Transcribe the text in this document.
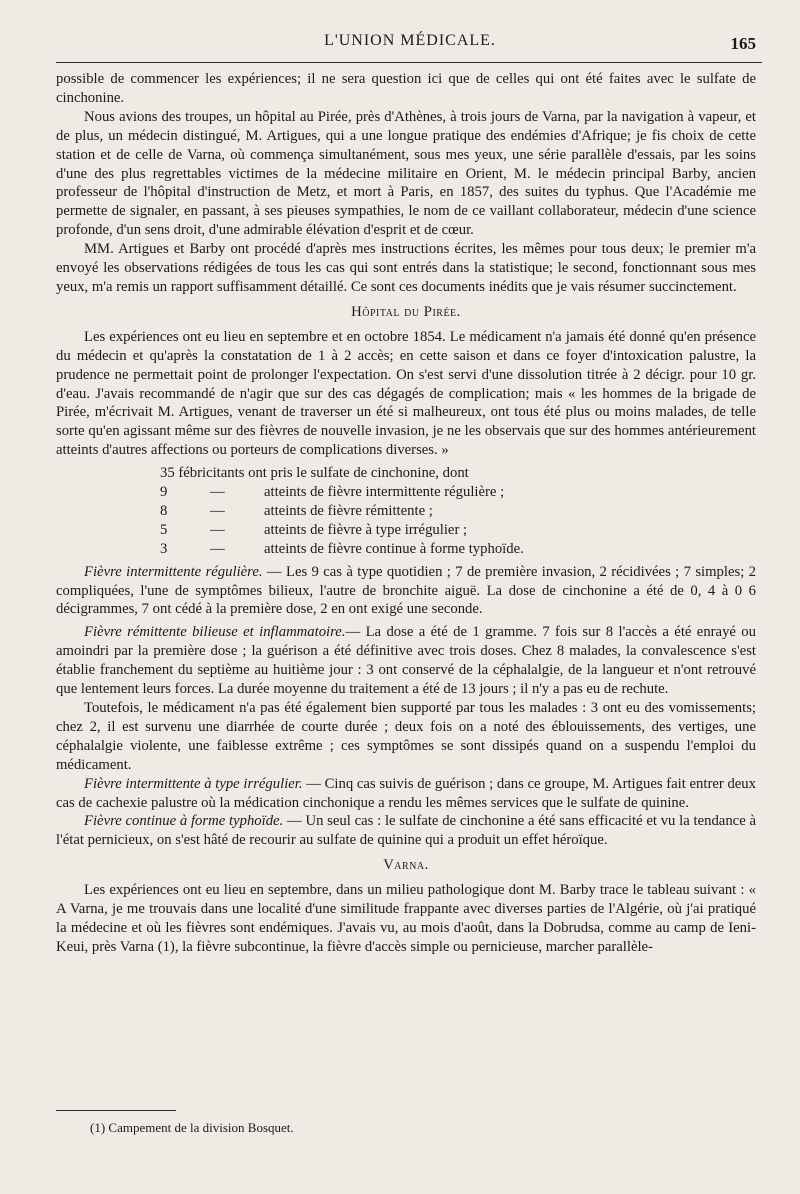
L'UNION MÉDICALE.	165

possible de commencer les expériences; il ne sera question ici que de celles qui ont été faites avec le sulfate de cinchonine.

Nous avions des troupes, un hôpital au Pirée, près d'Athènes, à trois jours de Varna, par la navigation à vapeur, et de plus, un médecin distingué, M. Artigues, qui a une longue pratique des endémies d'Afrique; je fis choix de cette station et de celle de Varna, où commença simultanément, sous mes yeux, une série parallèle d'essais, par les soins d'une des plus regrettables victimes de la médecine militaire en Orient, M. le médecin principal Barby, ancien professeur de l'hôpital d'instruction de Metz, et mort à Paris, en 1857, des suites du typhus. Que l'Académie me permette de signaler, en passant, à ses pieuses sympathies, le nom de ce vaillant collaborateur, médecin d'une science profonde, d'un sens droit, d'une admirable élévation d'esprit et de cœur.

MM. Artigues et Barby ont procédé d'après mes instructions écrites, les mêmes pour tous deux; le premier m'a envoyé les observations rédigées de tous les cas qui sont entrés dans la statistique; le second, fonctionnant sous mes yeux, m'a remis un rapport suffisamment détaillé. Ce sont ces documents inédits que je vais résumer succinctement.

Hôpital du Pirée.

Les expériences ont eu lieu en septembre et en octobre 1854. Le médicament n'a jamais été donné qu'en présence du médecin et qu'après la constatation de 1 à 2 accès; en cette saison et dans ce foyer d'intoxication palustre, la prudence ne permettait point de prolonger l'expectation. On s'est servi d'une dissolution titrée à 2 décigr. pour 10 gr. d'eau. J'avais recommandé de n'agir que sur des cas dégagés de complication; mais « les hommes de la brigade de Pirée, m'écrivait M. Artigues, venant de traverser un été si malheureux, ont tous été plus ou moins malades, de telle sorte qu'en agissant même sur des fièvres de nouvelle invasion, je ne les observais que sur des hommes antérieurement atteints d'autres affections ou porteurs de complications diverses. »

35 fébricitants ont pris le sulfate de cinchonine, dont
9	—	atteints de fièvre intermittente régulière ;
8	—	atteints de fièvre rémittente ;
5	—	atteints de fièvre à type irrégulier ;
3	—	atteints de fièvre continue à forme typhoïde.

Fièvre intermittente régulière. — Les 9 cas à type quotidien ; 7 de première invasion, 2 récidivées ; 7 simples; 2 compliquées, l'une de symptômes bilieux, l'autre de bronchite aiguë. La dose de cinchonine a été de 0, 4 à 0 6 décigrammes, 7 ont cédé à la première dose, 2 en ont exigé une seconde.

Fièvre rémittente bilieuse et inflammatoire.— La dose a été de 1 gramme. 7 fois sur 8 l'accès a été enrayé ou amoindri par la première dose ; la guérison a été définitive avec trois doses. Chez 8 malades, la convalescence s'est établie franchement du septième au huitième jour : 3 ont conservé de la céphalalgie, de la langueur et n'ont retrouvé que lentement leurs forces. La durée moyenne du traitement a été de 13 jours ; il n'y a pas eu de rechute.

Toutefois, le médicament n'a pas été également bien supporté par tous les malades : 3 ont eu des vomissements; chez 2, il est survenu une diarrhée de courte durée ; deux fois on a noté des éblouissements, des vertiges, une céphalalgie violente, une faiblesse extrême ; ces symptômes se sont dissipés quand on a suspendu l'emploi du médicament.

Fièvre intermittente à type irrégulier. — Cinq cas suivis de guérison ; dans ce groupe, M. Artigues fait entrer deux cas de cachexie palustre où la médication cinchonique a rendu les mêmes services que le sulfate de quinine.

Fièvre continue à forme typhoïde. — Un seul cas : le sulfate de cinchonine a été sans efficacité et vu la tendance à l'état pernicieux, on s'est hâté de recourir au sulfate de quinine qui a produit un effet héroïque.

Varna.

Les expériences ont eu lieu en septembre, dans un milieu pathologique dont M. Barby trace le tableau suivant : « A Varna, je me trouvais dans une localité d'une similitude frappante avec diverses parties de l'Algérie, où j'ai pratiqué la médecine et où les fièvres sont endémiques. J'avais vu, au mois d'août, dans la Dobrudsa, comme au camp de Ieni-Keui, près Varna (1), la fièvre subcontinue, la fièvre d'accès simple ou pernicieuse, marcher parallèle-

(1) Campement de la division Bosquet.
